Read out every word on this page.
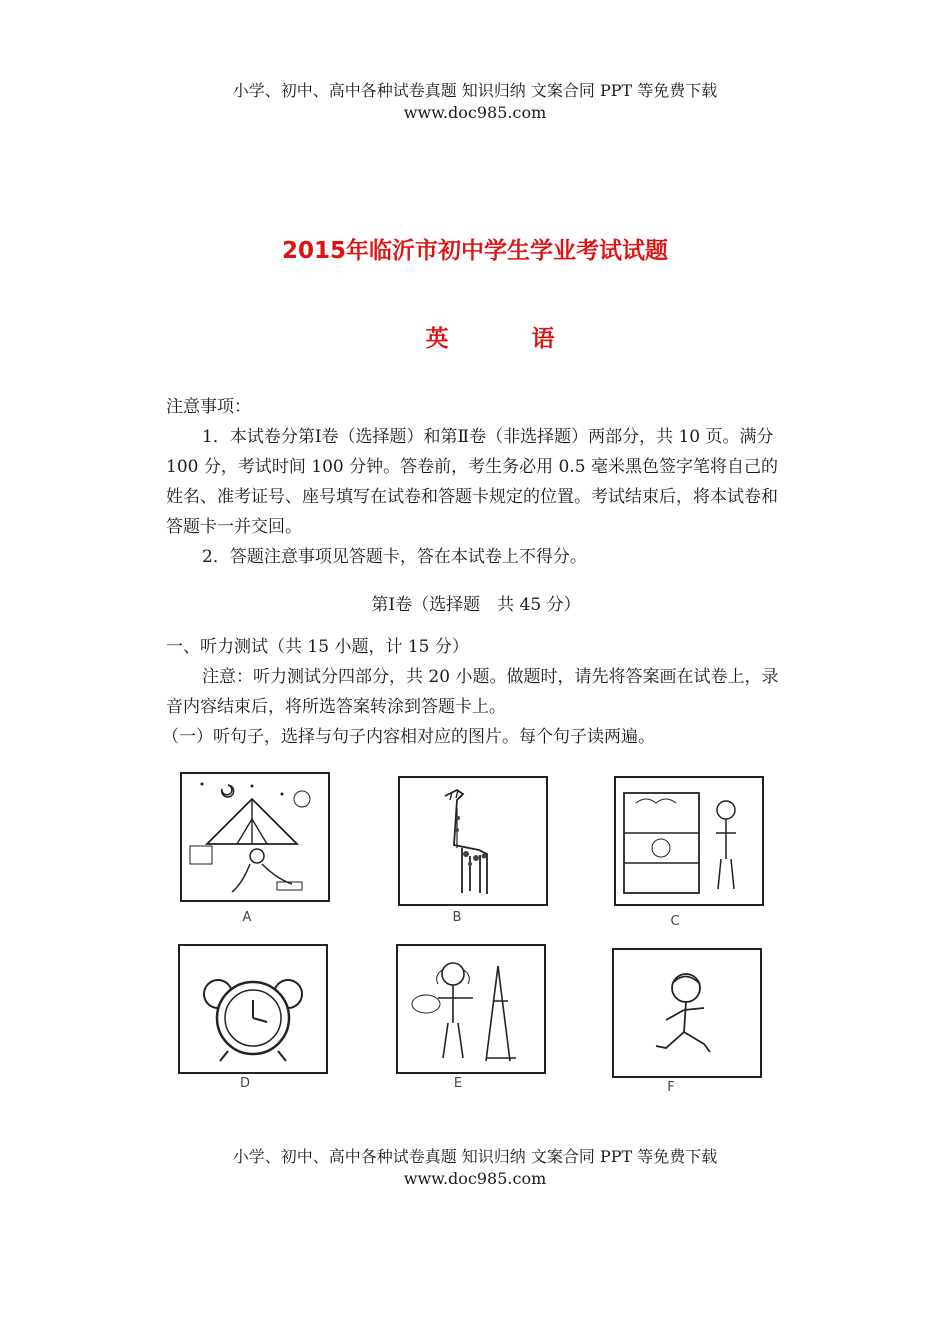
小学、初中、高中各种试卷真题 知识归纳 文案合同 PPT 等免费下载
www.doc985.com
2015年临沂市初中学生学业考试试题
英　语

注意事项：

1．本试卷分第Ⅰ卷（选择题）和第Ⅱ卷（非选择题）两部分，共 10 页。满分 100 分，考试时间 100 分钟。答卷前，考生务必用 0.5 毫米黑色签字笔将自己的姓名、准考证号、座号填写在试卷和答题卡规定的位置。考试结束后，将本试卷和答题卡一并交回。

2．答题注意事项见答题卡，答在本试卷上不得分。

第Ⅰ卷（选择题　共 45 分）

一、听力测试（共 15 小题，计 15 分）

注意：听力测试分四部分，共 20 小题。做题时，请先将答案画在试卷上，录音内容结束后，将所选答案转涂到答题卡上。

（一）听句子，选择与句子内容相对应的图片。每个句子读两遍。

A	B	C
D	E	F
小学、初中、高中各种试卷真题 知识归纳 文案合同 PPT 等免费下载
www.doc985.com
